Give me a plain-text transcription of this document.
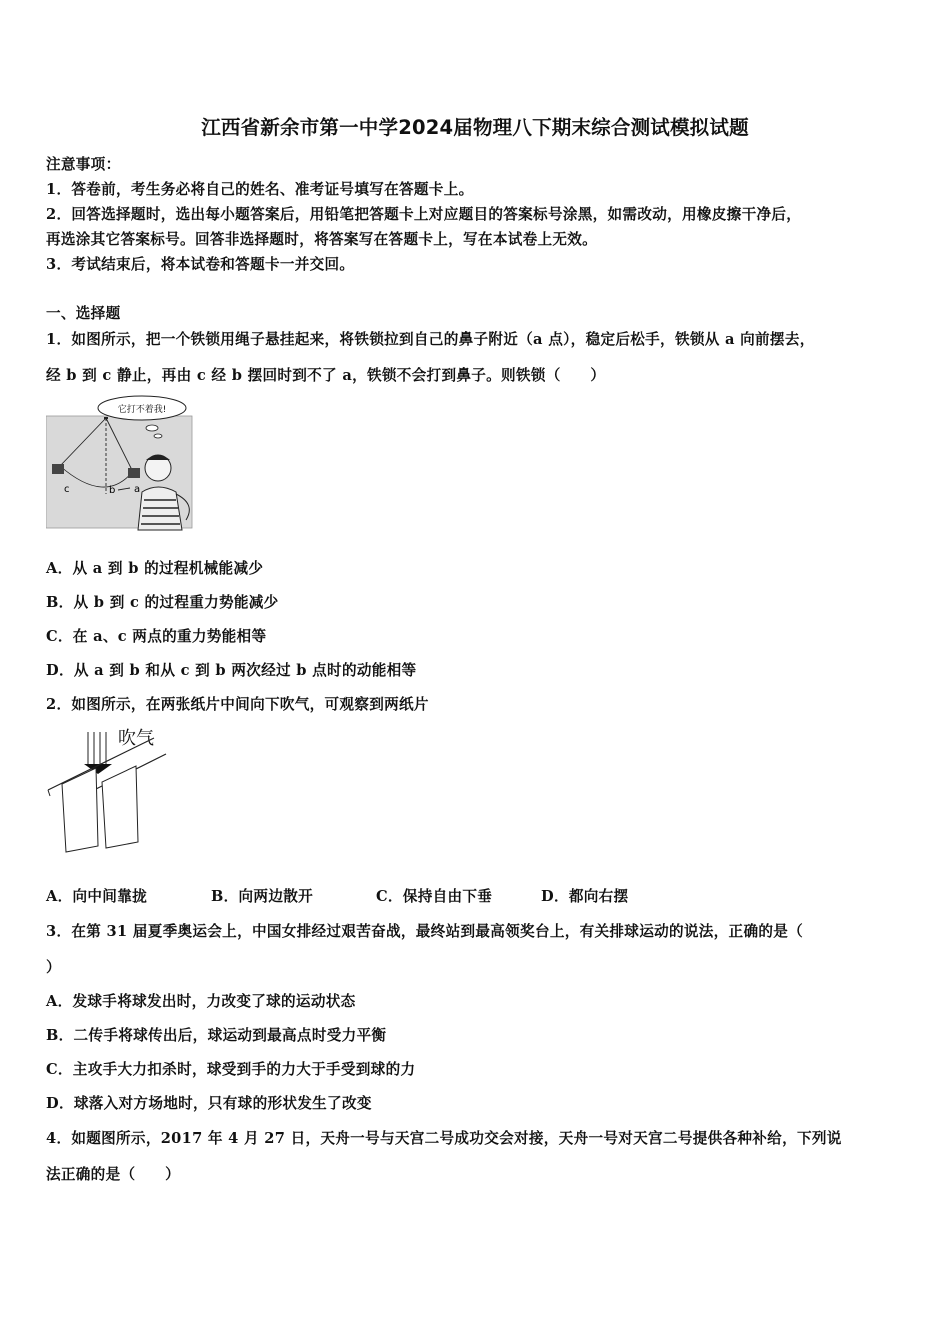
江西省新余市第一中学2024届物理八下期末综合测试模拟试题
注意事项：
1．答卷前，考生务必将自己的姓名、准考证号填写在答题卡上。
2．回答选择题时，选出每小题答案后，用铅笔把答题卡上对应题目的答案标号涂黑，如需改动，用橡皮擦干净后，
再选涂其它答案标号。回答非选择题时，将答案写在答题卡上，写在本试卷上无效。
3．考试结束后，将本试卷和答题卡一并交回。
一、选择题
1．如图所示，把一个铁锁用绳子悬挂起来，将铁锁拉到自己的鼻子附近（a 点），稳定后松手，铁锁从 a 向前摆去，
经 b 到 c 静止，再由 c 经 b 摆回时到不了 a，铁锁不会打到鼻子。则铁锁（　　）
它打不着我!
c	b a
A．从 a 到 b 的过程机械能减少
B．从 b 到 c 的过程重力势能减少
C．在 a、c 两点的重力势能相等
D．从 a 到 b 和从 c 到 b 两次经过 b 点时的动能相等
2．如图所示，在两张纸片中间向下吹气，可观察到两纸片
吹气
A．向中间靠拢	B．向两边散开	C．保持自由下垂	D．都向右摆
3．在第 31 届夏季奥运会上，中国女排经过艰苦奋战，最终站到最高领奖台上，有关排球运动的说法，正确的是（
）
A．发球手将球发出时，力改变了球的运动状态
B．二传手将球传出后，球运动到最高点时受力平衡
C．主攻手大力扣杀时，球受到手的力大于手受到球的力
D．球落入对方场地时，只有球的形状发生了改变
4．如题图所示，2017 年 4 月 27 日，天舟一号与天宫二号成功交会对接，天舟一号对天宫二号提供各种补给，下列说
法正确的是（　　）
